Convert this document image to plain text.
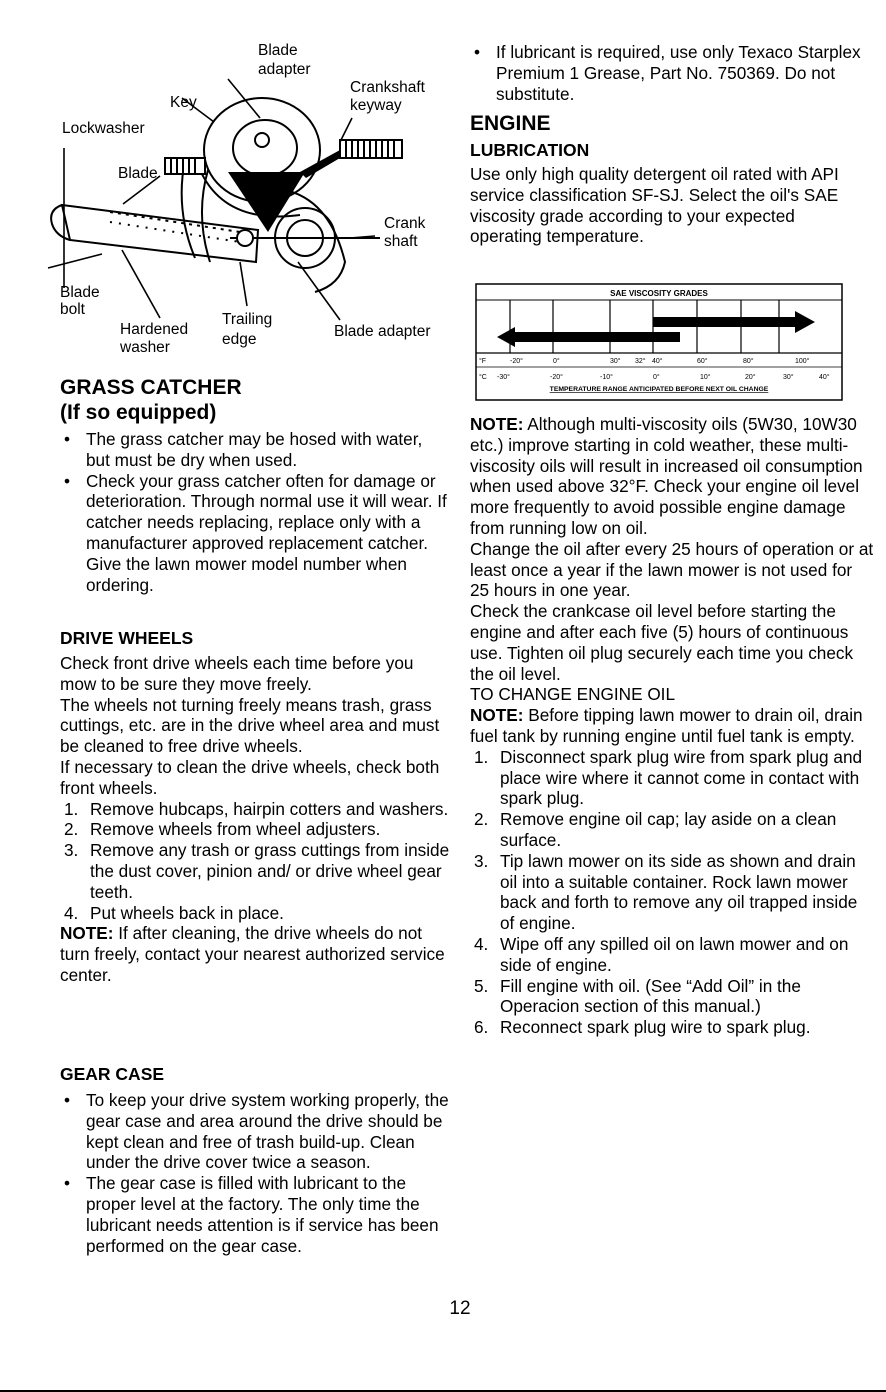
Blade
adapter
Crankshaft
keyway
Key
Lockwasher
Blade
Crank
shaft
Blade
bolt
Hardened
washer
Trailing
edge	Blade adapter
GRASS CATCHER
(If so equipped)
• The grass catcher may be hosed with water, but must be dry when used.
• Check your grass catcher often for damage or deterioration. Through normal use it will wear. If catcher needs replacing, replace only with a manufacturer approved replacement catcher. Give the lawn mower model number when ordering.
DRIVE WHEELS

Check front drive wheels each time before you mow to be sure they move freely.

The wheels not turning freely means trash, grass cuttings, etc. are in the drive wheel area and must be cleaned to free drive wheels.

If necessary to clean the drive wheels, check both front wheels.

1. Remove hubcaps, hairpin cotters and washers.
2. Remove wheels from wheel adjusters.
3. Remove any trash or grass cuttings from inside the dust cover, pinion and/ or drive wheel gear teeth.
4. Put wheels back in place.

NOTE: If after cleaning, the drive wheels do not turn freely, contact your nearest authorized service center.

GEAR CASE
• To keep your drive system working properly, the gear case and area around the drive should be kept clean and free of trash build-up. Clean under the drive cover twice a season.
• The gear case is filled with lubricant to the proper level at the factory. The only time the lubricant needs attention is if service has been performed on the gear case.
• If lubricant is required, use only Texaco Starplex Premium 1 Grease, Part No. 750369. Do not substitute.
ENGINE
LUBRICATION

Use only high quality detergent oil rated with API service classification SF-SJ. Select the oil's SAE viscosity grade according to your expected operating temperature.

NOTE: Although multi-viscosity oils (5W30, 10W30 etc.) improve starting in cold weather, these multi-viscosity oils will result in increased oil consumption when used above 32°F. Check your engine oil level more frequently to avoid possible engine damage from running low on oil.

Change the oil after every 25 hours of operation or at least once a year if the lawn mower is not used for 25 hours in one year.

Check the crankcase oil level before starting the engine and after each five (5) hours of continuous use. Tighten oil plug securely each time you check the oil level.

TO CHANGE ENGINE OIL

NOTE: Before tipping lawn mower to drain oil, drain fuel tank by running engine until fuel tank is empty.

1. Disconnect spark plug wire from spark plug and place wire where it cannot come in contact with spark plug.
2. Remove engine oil cap; lay aside on a clean surface.
3. Tip lawn mower on its side as shown and drain oil into a suitable container. Rock lawn mower back and forth to remove any oil trapped inside of engine.
4. Wipe off any spilled oil on lawn mower and on side of engine.
5. Fill engine with oil. (See “Add Oil” in the Operacion section of this manual.)
6. Reconnect spark plug wire to spark plug.
SAE VISCOSITY GRADES
5W-30
SAE 30
°F	-20°	0°	30° 32° 40°	60°	80°	100°
°C -30°	-20°	-10°	0°	10°	20°	30°	40°
TEMPERATURE RANGE ANTICIPATED BEFORE NEXT OIL CHANGE
12
